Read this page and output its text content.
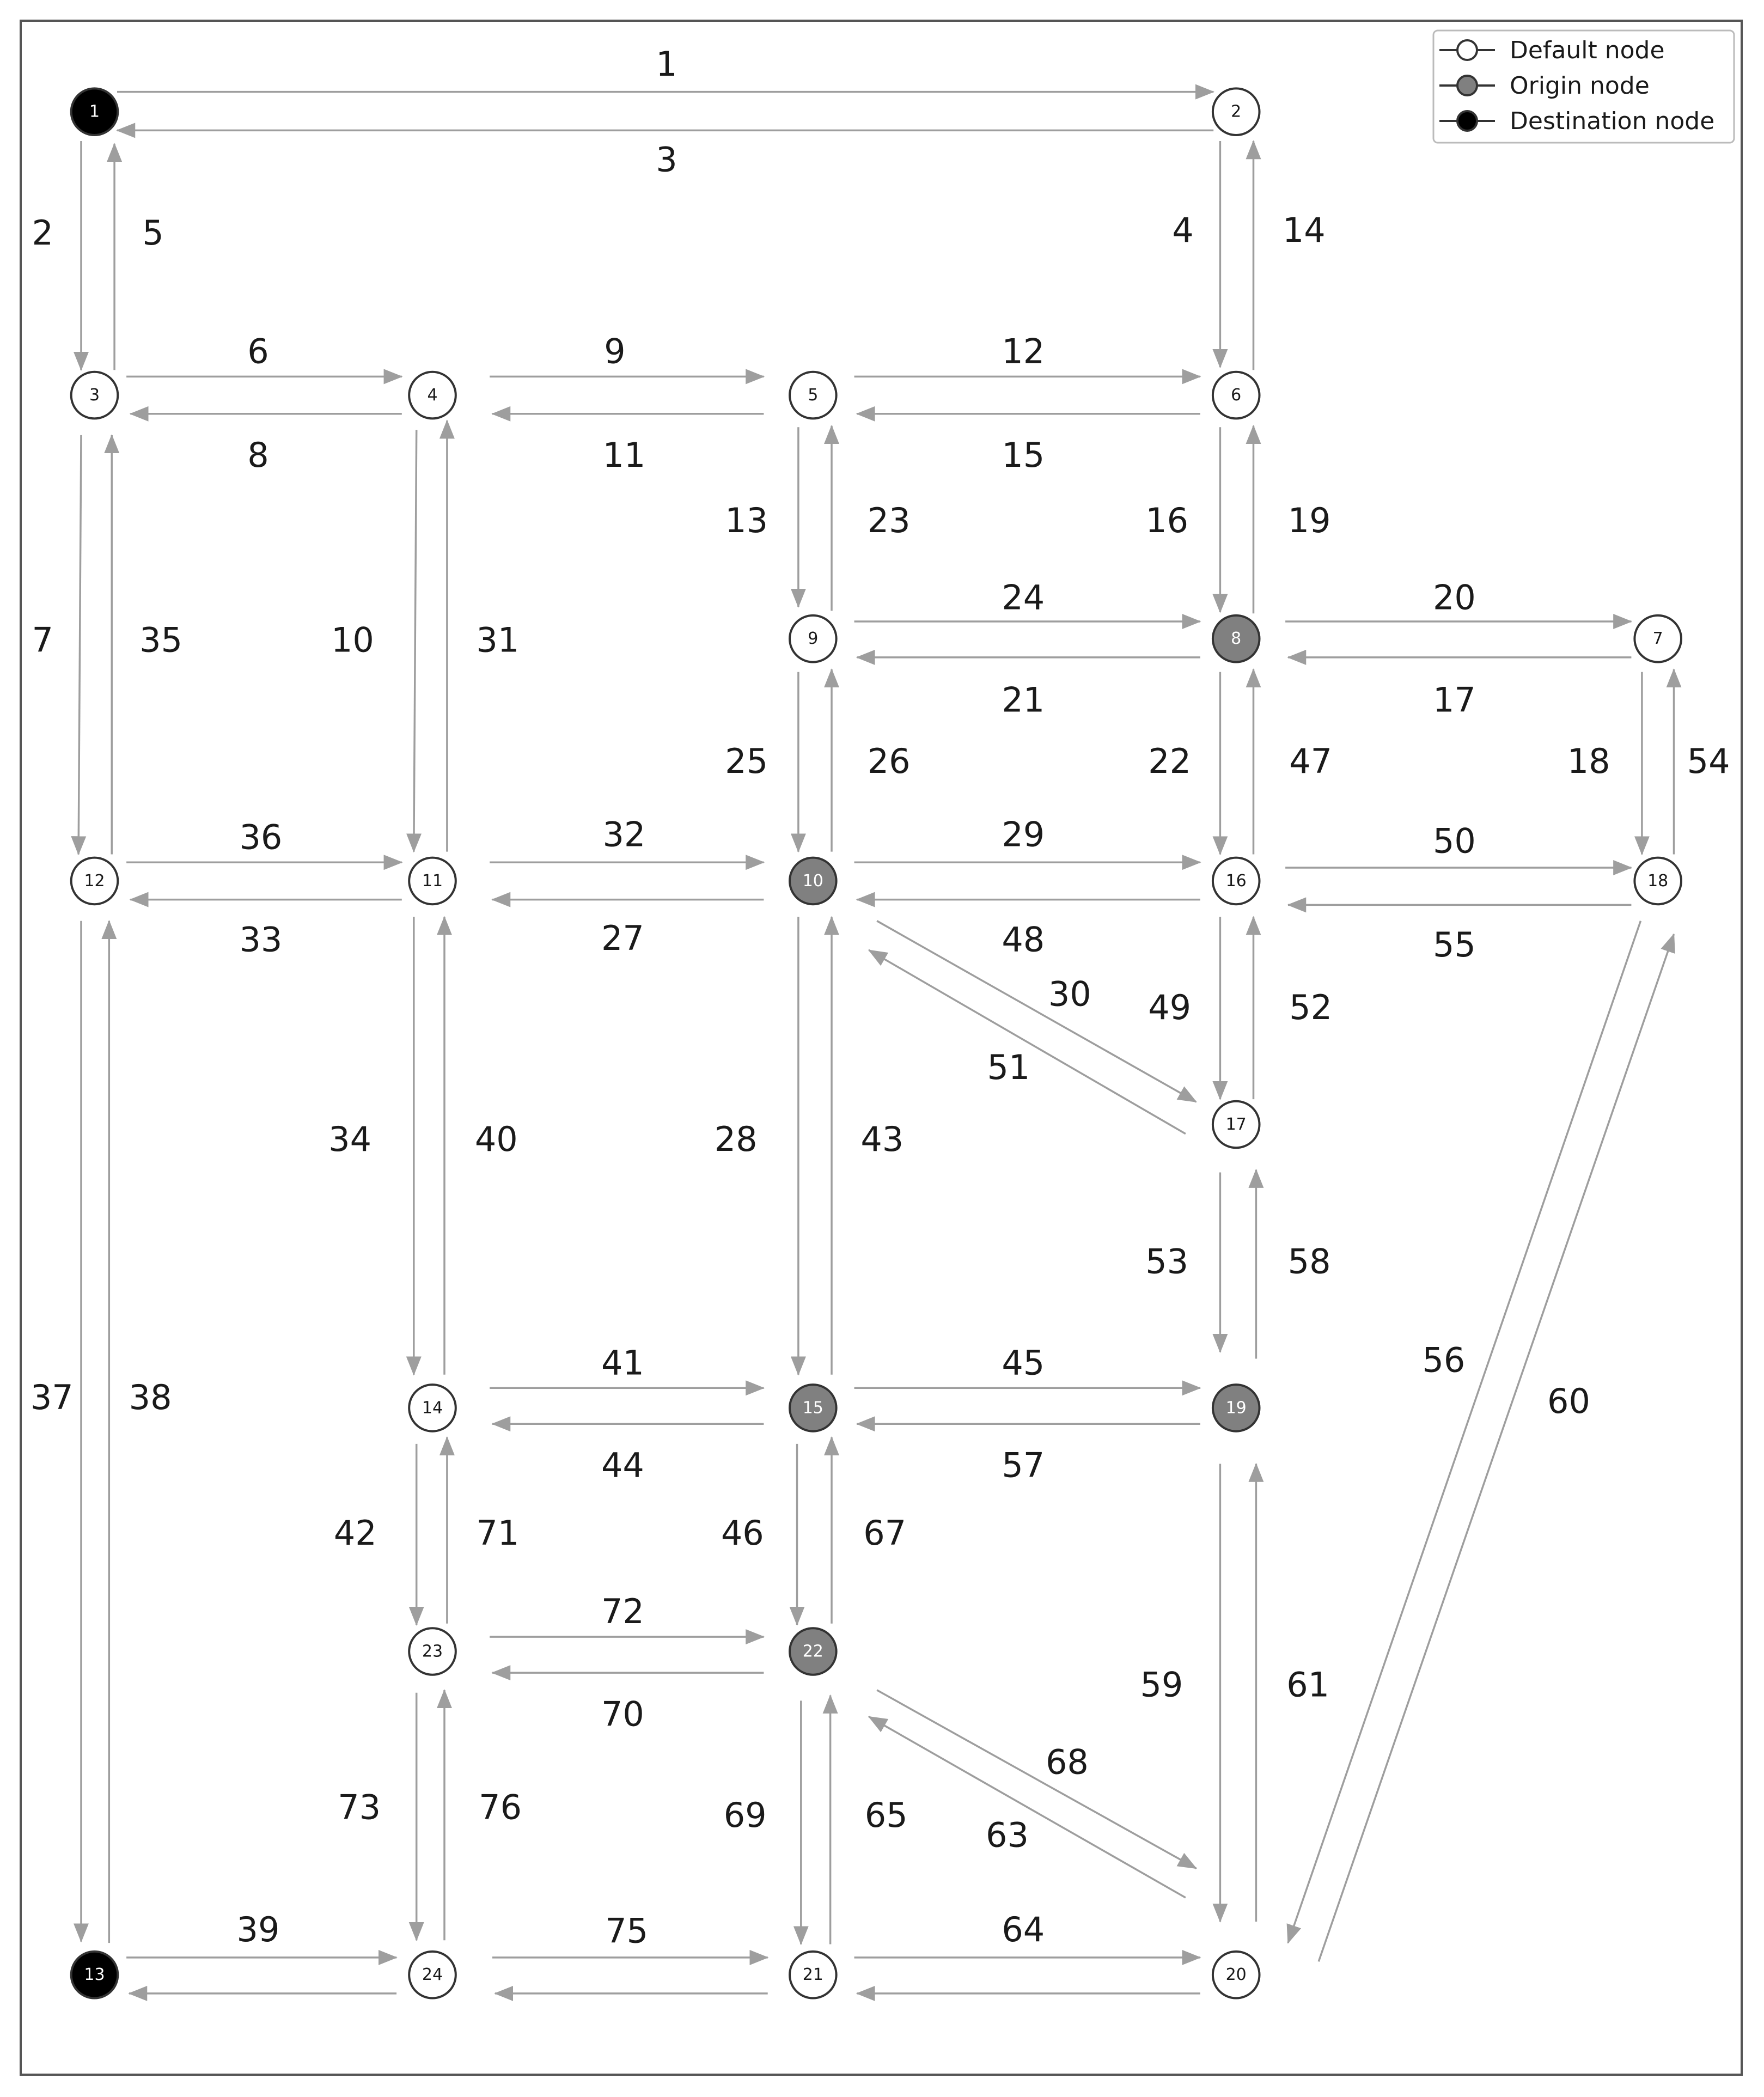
1
2
3
4
5
6
7
8
9
10
11
12
13
14
15
16
17
18
19
20
21
22
23
24
25	26
27
28
29
30
31
32
33
34
35
36
37 38
39
40
41
42
43
44
45
46
47
48
49
50
51
52
53
54
55
56
57
58
59
60
61
63
64
65
67
68
69
70
71
72
73
75
76
1	2
3	4	5	6
7
8
9
10
11
12
13
14	15
16
17
18
19
20
21
22
23
24
Default node
Origin node
Destination node
